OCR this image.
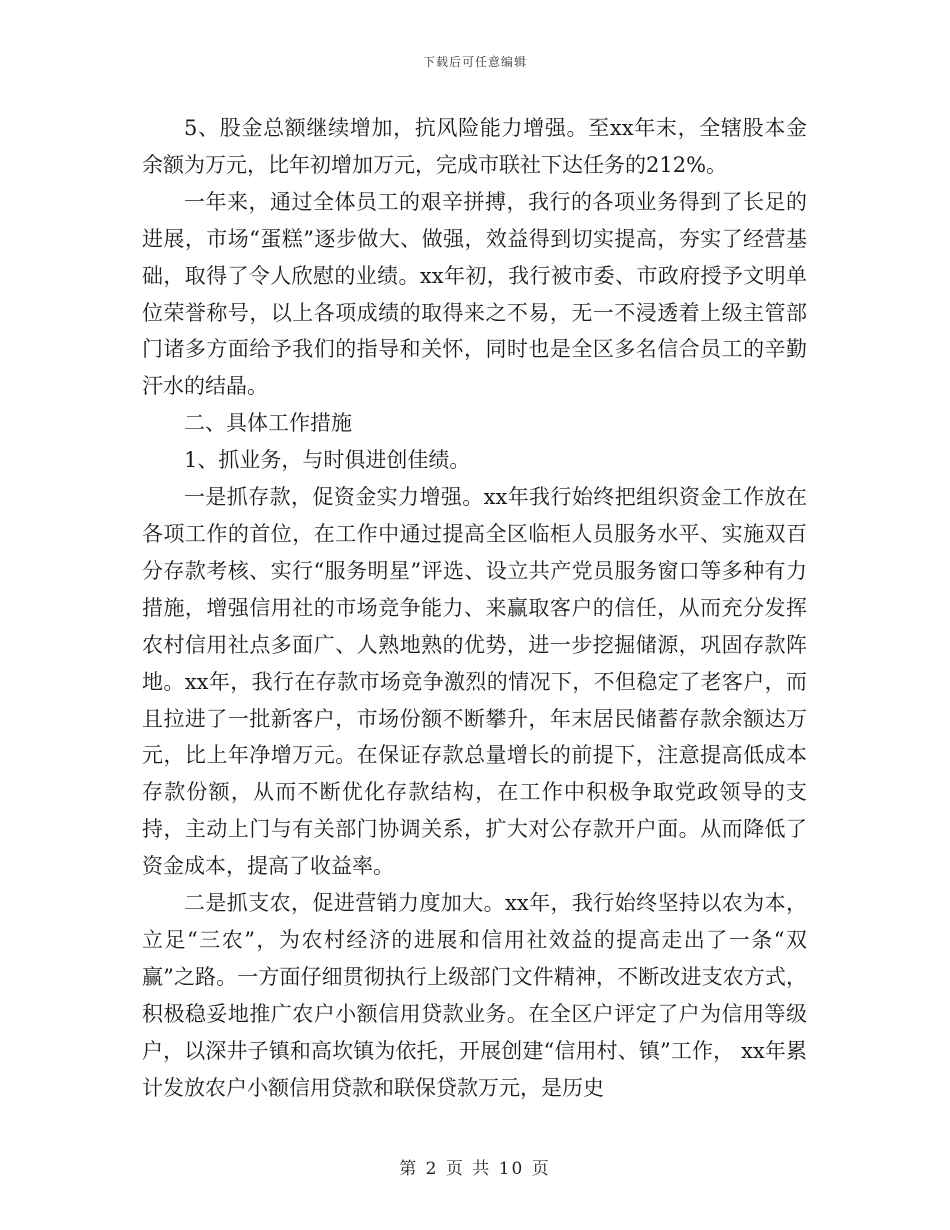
下载后可任意编辑

5、股金总额继续增加，抗风险能力增强。至xx年末，全辖股本金余额为万元，比年初增加万元，完成市联社下达任务的212%。

一年来，通过全体员工的艰辛拼搏，我行的各项业务得到了长足的进展，市场“蛋糕”逐步做大、做强，效益得到切实提高，夯实了经营基础，取得了令人欣慰的业绩。xx年初，我行被市委、市政府授予文明单位荣誉称号，以上各项成绩的取得来之不易，无一不浸透着上级主管部门诸多方面给予我们的指导和关怀，同时也是全区多名信合员工的辛勤汗水的结晶。

二、具体工作措施

1、抓业务，与时俱进创佳绩。

一是抓存款，促资金实力增强。xx年我行始终把组织资金工作放在各项工作的首位，在工作中通过提高全区临柜人员服务水平、实施双百分存款考核、实行“服务明星”评选、设立共产党员服务窗口等多种有力措施，增强信用社的市场竞争能力、来赢取客户的信任，从而充分发挥农村信用社点多面广、人熟地熟的优势，进一步挖掘储源，巩固存款阵地。xx年，我行在存款市场竞争激烈的情况下，不但稳定了老客户，而且拉进了一批新客户，市场份额不断攀升，年末居民储蓄存款余额达万元，比上年净增万元。在保证存款总量增长的前提下，注意提高低成本存款份额，从而不断优化存款结构，在工作中积极争取党政领导的支持，主动上门与有关部门协调关系，扩大对公存款开户面。从而降低了资金成本，提高了收益率。

二是抓支农，促进营销力度加大。xx年，我行始终坚持以农为本，立足“三农”，为农村经济的进展和信用社效益的提高走出了一条“双赢”之路。一方面仔细贯彻执行上级部门文件精神，不断改进支农方式，积极稳妥地推广农户小额信用贷款业务。在全区户评定了户为信用等级户，以深井子镇和高坎镇为依托，开展创建“信用村、镇”工作， xx年累计发放农户小额信用贷款和联保贷款万元，是历史

第 2 页 共 10 页
